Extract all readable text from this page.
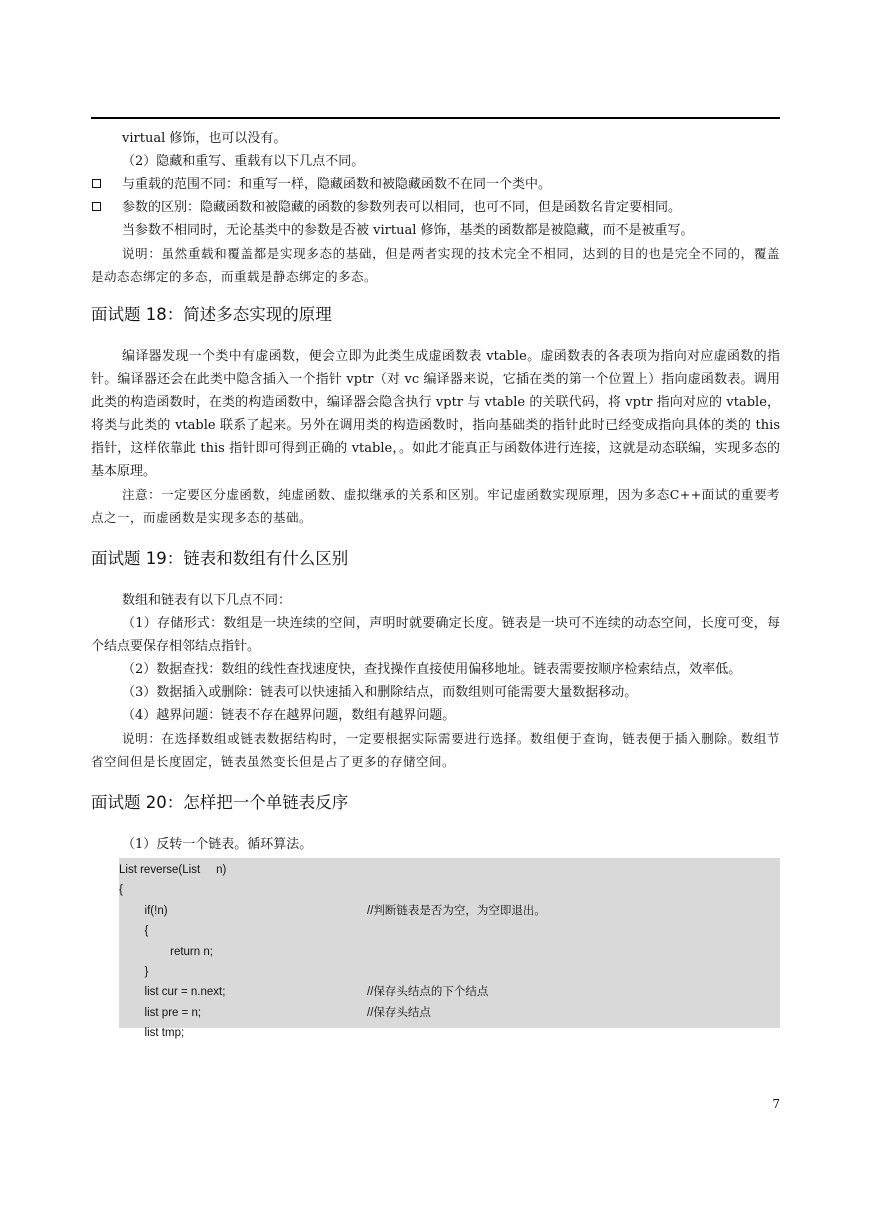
virtual 修饰，也可以没有。

（2）隐藏和重写、重载有以下几点不同。

与重载的范围不同：和重写一样，隐藏函数和被隐藏函数不在同一个类中。

参数的区别：隐藏函数和被隐藏的函数的参数列表可以相同，也可不同，但是函数名肯定要相同。

当参数不相同时，无论基类中的参数是否被 virtual 修饰，基类的函数都是被隐藏，而不是被重写。

说明：虽然重载和覆盖都是实现多态的基础，但是两者实现的技术完全不相同，达到的目的也是完全不同的，覆盖是动态态绑定的多态，而重载是静态绑定的多态。

面试题 18：简述多态实现的原理

编译器发现一个类中有虚函数，便会立即为此类生成虚函数表 vtable。虚函数表的各表项为指向对应虚函数的指针。编译器还会在此类中隐含插入一个指针 vptr（对 vc 编译器来说，它插在类的第一个位置上）指向虚函数表。调用此类的构造函数时，在类的构造函数中，编译器会隐含执行 vptr 与 vtable 的关联代码，将 vptr 指向对应的 vtable，将类与此类的 vtable 联系了起来。另外在调用类的构造函数时，指向基础类的指针此时已经变成指向具体的类的 this 指针，这样依靠此 this 指针即可得到正确的 vtable，。如此才能真正与函数体进行连接，这就是动态联编，实现多态的基本原理。

注意：一定要区分虚函数，纯虚函数、虚拟继承的关系和区别。牢记虚函数实现原理，因为多态C++面试的重要考点之一，而虚函数是实现多态的基础。

面试题 19：链表和数组有什么区别

数组和链表有以下几点不同：

（1）存储形式：数组是一块连续的空间，声明时就要确定长度。链表是一块可不连续的动态空间，长度可变，每个结点要保存相邻结点指针。

（2）数据查找：数组的线性查找速度快，查找操作直接使用偏移地址。链表需要按顺序检索结点，效率低。

（3）数据插入或删除：链表可以快速插入和删除结点，而数组则可能需要大量数据移动。

（4）越界问题：链表不存在越界问题，数组有越界问题。

说明：在选择数组或链表数据结构时，一定要根据实际需要进行选择。数组便于查询，链表便于插入删除。数组节省空间但是长度固定，链表虽然变长但是占了更多的存储空间。

面试题 20：怎样把一个单链表反序

（1）反转一个链表。循环算法。

List reverse(List     n)
{
if(!n)	//判断链表是否为空，为空即退出。
{
return n;
}
list cur = n.next;	//保存头结点的下个结点
list pre = n;	//保存头结点
list tmp;
7
